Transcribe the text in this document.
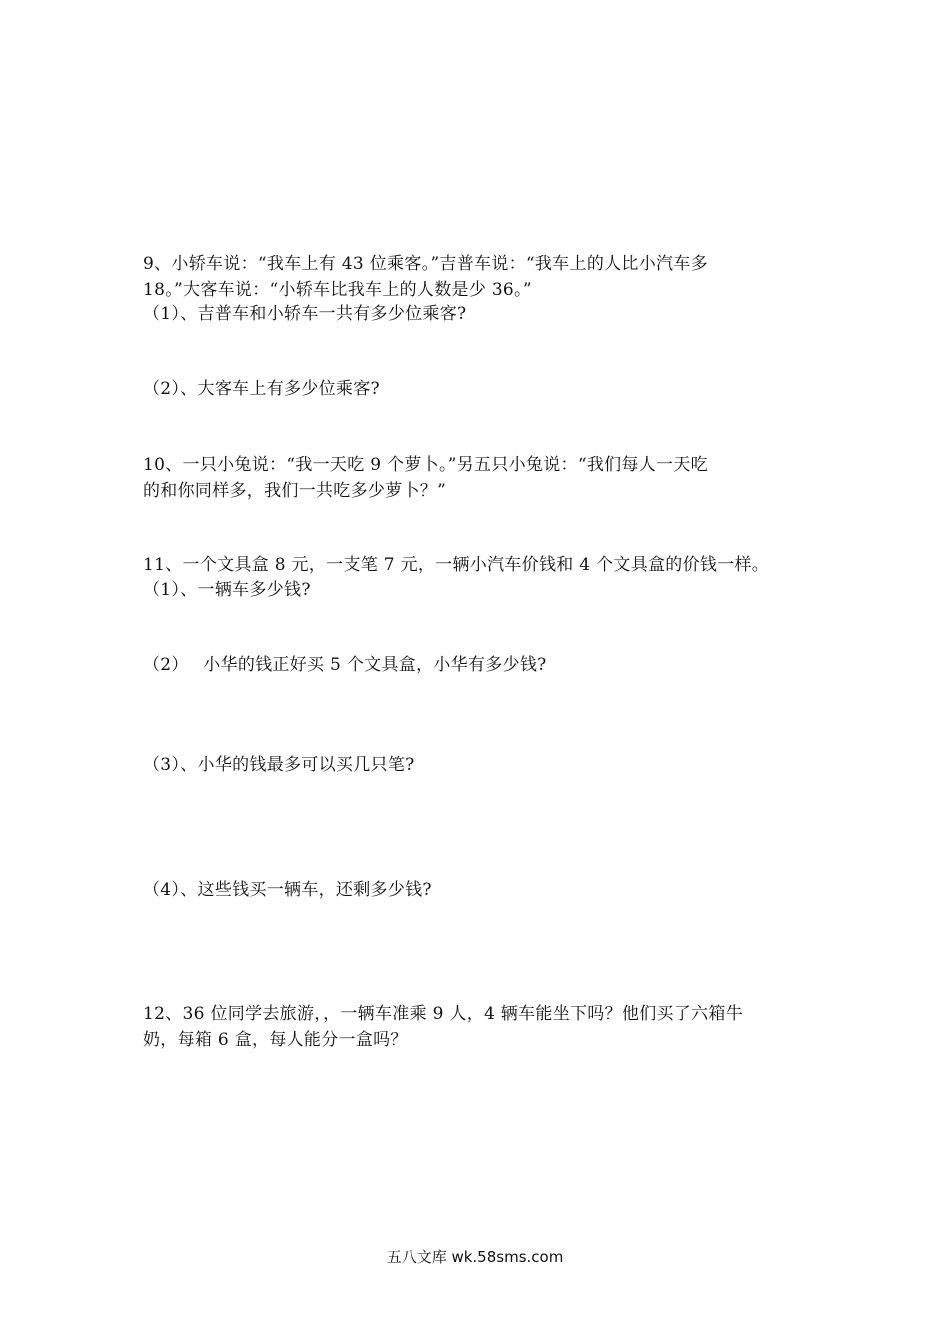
9、小轿车说：“我车上有 43 位乘客。”吉普车说：“我车上的人比小汽车多
18。”大客车说：“小轿车比我车上的人数是少 36。”
（1）、吉普车和小轿车一共有多少位乘客?
（2）、大客车上有多少位乘客?
10、一只小兔说：“我一天吃 9 个萝卜。”另五只小兔说：“我们每人一天吃
的和你同样多，我们一共吃多少萝卜？”
11、一个文具盒 8 元，一支笔 7 元，一辆小汽车价钱和 4 个文具盒的价钱一样。
（1）、一辆车多少钱?
（2）　 小华的钱正好买 5 个文具盒，小华有多少钱?
（3）、小华的钱最多可以买几只笔?
（4）、这些钱买一辆车，还剩多少钱?
12、36 位同学去旅游，，一辆车准乘 9 人，4 辆车能坐下吗？他们买了六箱牛
奶，每箱 6 盒，每人能分一盒吗？
五八文库 wk.58sms.com
